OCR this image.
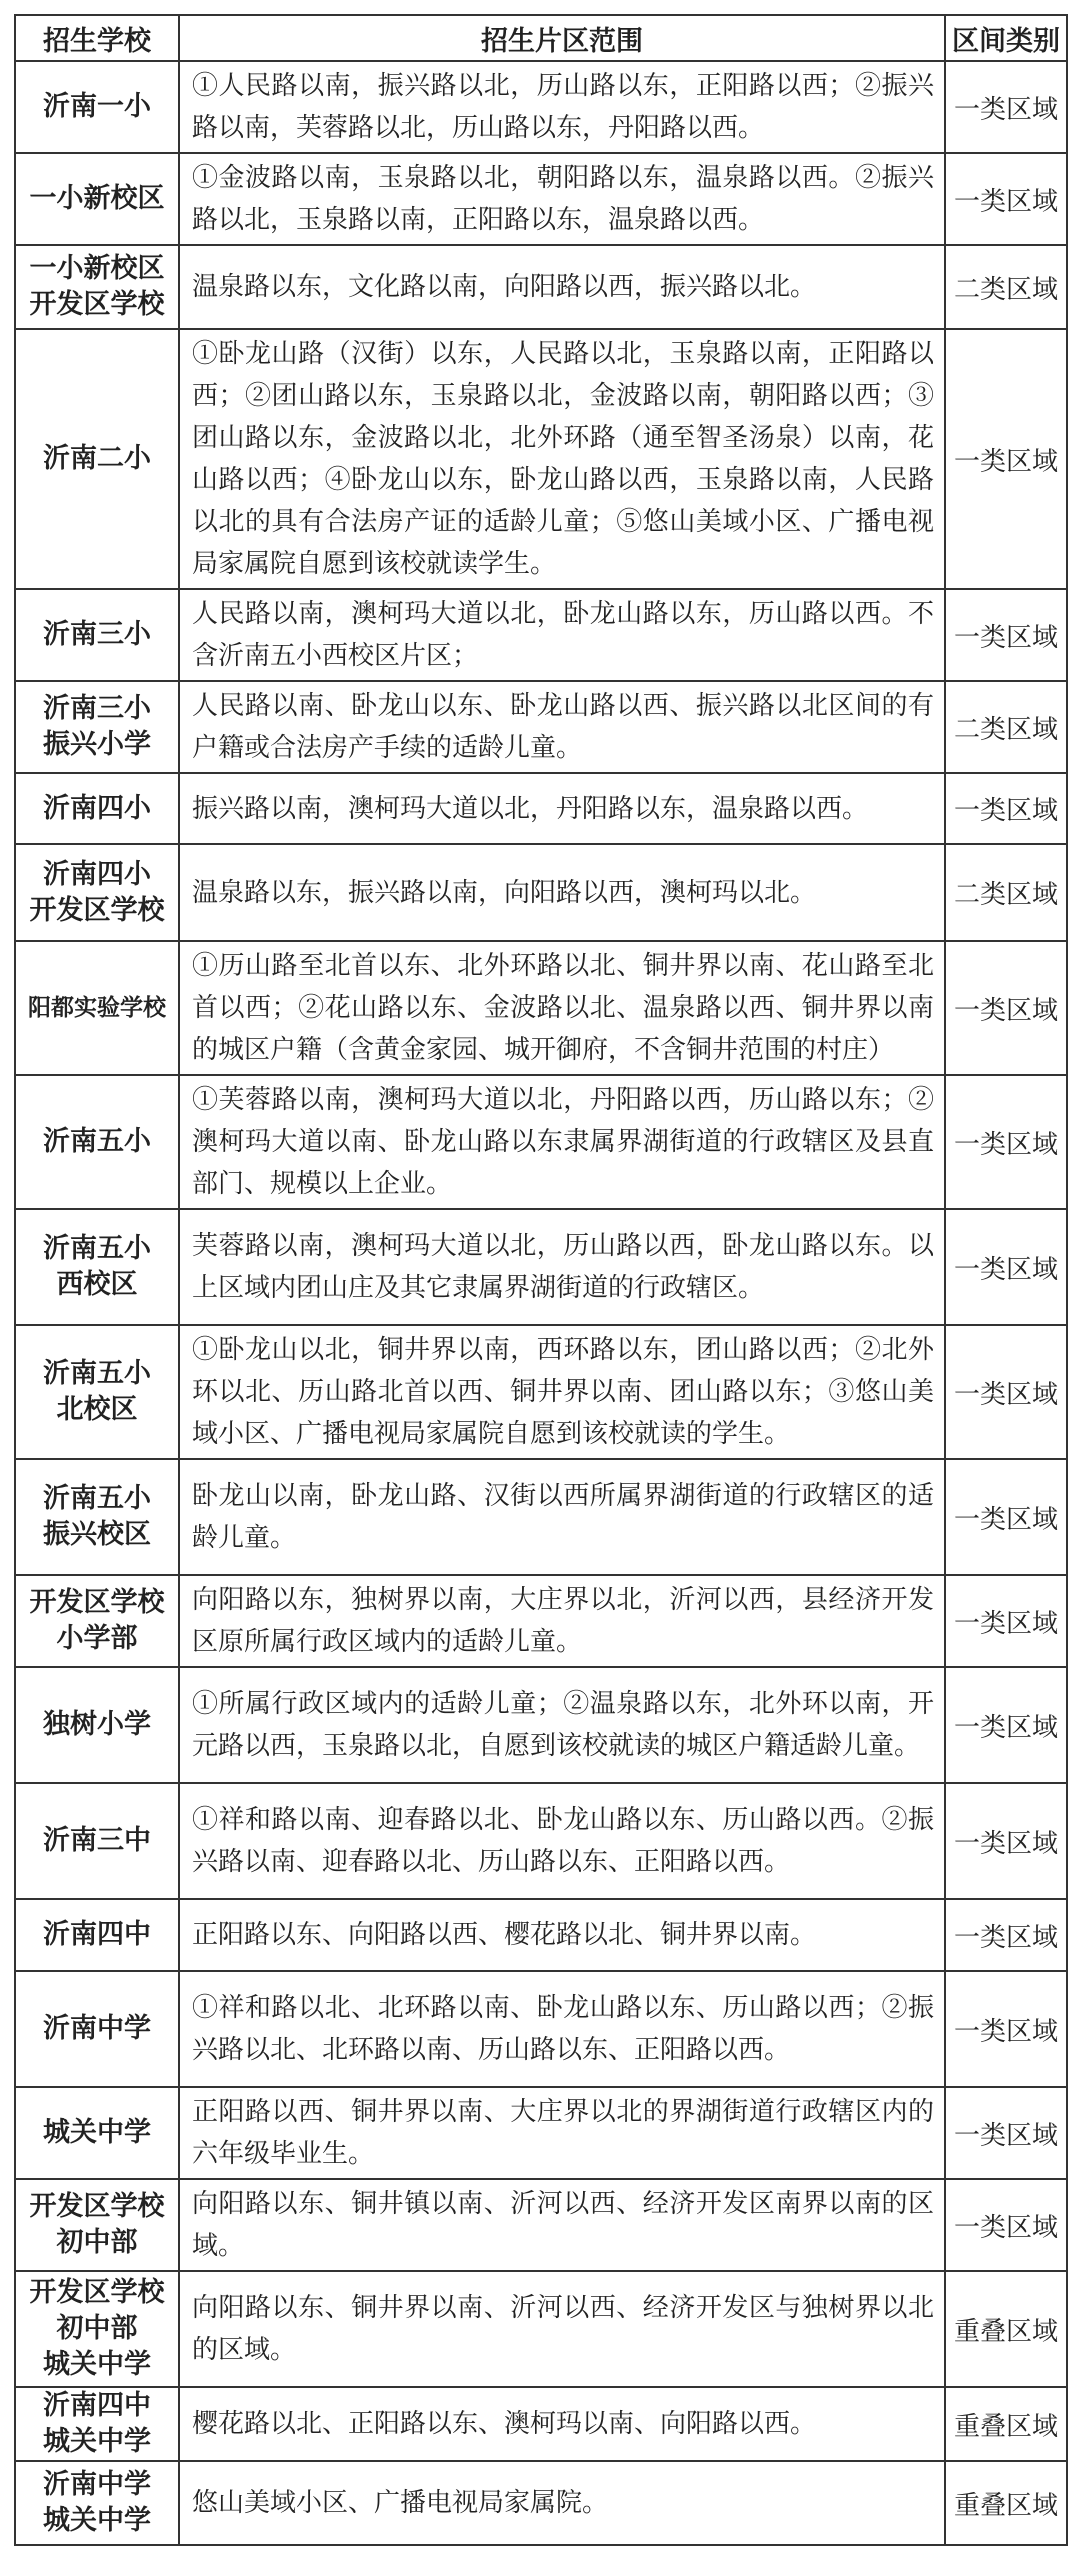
招生学校	招生片区范围	区间类别

沂南一小	①人民路以南，振兴路以北，历山路以东，正阳路以西；②振兴路以南，芙蓉路以北，历山路以东，丹阳路以西。	一类区域

一小新校区	①金波路以南，玉泉路以北，朝阳路以东，温泉路以西。②振兴路以北，玉泉路以南，正阳路以东，温泉路以西。	一类区域

一小新校区
开发区学校	温泉路以东，文化路以南，向阳路以西，振兴路以北。	二类区域

沂南二小	①卧龙山路（汉街）以东，人民路以北，玉泉路以南，正阳路以西；②团山路以东，玉泉路以北，金波路以南，朝阳路以西；③团山路以东，金波路以北，北外环路（通至智圣汤泉）以南，花山路以西；④卧龙山以东，卧龙山路以西，玉泉路以南，人民路以北的具有合法房产证的适龄儿童；⑤悠山美域小区、广播电视局家属院自愿到该校就读学生。	一类区域

沂南三小	人民路以南，澳柯玛大道以北，卧龙山路以东，历山路以西。不含沂南五小西校区片区；	一类区域

沂南三小
振兴小学	人民路以南、卧龙山以东、卧龙山路以西、振兴路以北区间的有户籍或合法房产手续的适龄儿童。	二类区域

沂南四小	振兴路以南，澳柯玛大道以北，丹阳路以东，温泉路以西。	一类区域

沂南四小
开发区学校	温泉路以东，振兴路以南，向阳路以西，澳柯玛以北。	二类区域

阳都实验学校	①历山路至北首以东、北外环路以北、铜井界以南、花山路至北首以西；②花山路以东、金波路以北、温泉路以西、铜井界以南的城区户籍（含黄金家园、城开御府，不含铜井范围的村庄）	一类区域

沂南五小	①芙蓉路以南，澳柯玛大道以北，丹阳路以西，历山路以东；②澳柯玛大道以南、卧龙山路以东隶属界湖街道的行政辖区及县直部门、规模以上企业。	一类区域

沂南五小
西校区	芙蓉路以南，澳柯玛大道以北，历山路以西，卧龙山路以东。以上区域内团山庄及其它隶属界湖街道的行政辖区。	一类区域

沂南五小
北校区	①卧龙山以北，铜井界以南，西环路以东，团山路以西；②北外环以北、历山路北首以西、铜井界以南、团山路以东；③悠山美域小区、广播电视局家属院自愿到该校就读的学生。	一类区域

沂南五小
振兴校区	卧龙山以南，卧龙山路、汉街以西所属界湖街道的行政辖区的适龄儿童。	一类区域

开发区学校
小学部	向阳路以东，独树界以南，大庄界以北，沂河以西，县经济开发区原所属行政区域内的适龄儿童。	一类区域

独树小学	①所属行政区域内的适龄儿童；②温泉路以东，北外环以南，开元路以西，玉泉路以北，自愿到该校就读的城区户籍适龄儿童。	一类区域

沂南三中	①祥和路以南、迎春路以北、卧龙山路以东、历山路以西。②振兴路以南、迎春路以北、历山路以东、正阳路以西。	一类区域

沂南四中	正阳路以东、向阳路以西、樱花路以北、铜井界以南。	一类区域

沂南中学	①祥和路以北、北环路以南、卧龙山路以东、历山路以西；②振兴路以北、北环路以南、历山路以东、正阳路以西。	一类区域

城关中学	正阳路以西、铜井界以南、大庄界以北的界湖街道行政辖区内的六年级毕业生。	一类区域

开发区学校
初中部	向阳路以东、铜井镇以南、沂河以西、经济开发区南界以南的区域。	一类区域

开发区学校
初中部
城关中学	向阳路以东、铜井界以南、沂河以西、经济开发区与独树界以北的区域。	重叠区域

沂南四中
城关中学	樱花路以北、正阳路以东、澳柯玛以南、向阳路以西。	重叠区域

沂南中学
城关中学	悠山美域小区、广播电视局家属院。	重叠区域
